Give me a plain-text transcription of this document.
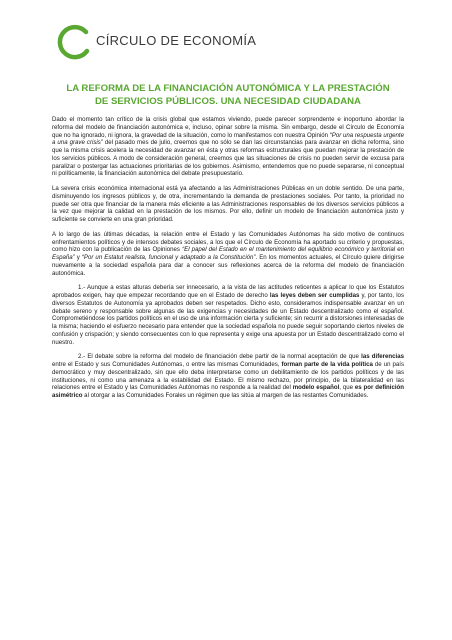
CÍRCULO DE ECONOMÍA
LA REFORMA DE LA FINANCIACIÓN AUTONÓMICA Y LA PRESTACIÓN
DE SERVICIOS PÚBLICOS. UNA NECESIDAD CIUDADANA

Dado el momento tan crítico de la crisis global que estamos viviendo, puede parecer sorprendente e inoportuno abordar la reforma del modelo de financiación autonómica e, incluso, opinar sobre la misma. Sin embargo, desde el Círculo de Economía que no ha ignorado, ni ignora, la gravedad de la situación, como lo manifestamos con nuestra Opinión “Por una respuesta urgente a una grave crisis” del pasado mes de julio, creemos que no sólo se dan las circunstancias para avanzar en dicha reforma, sino que la misma crisis acelera la necesidad de avanzar en ésta y otras reformas estructurales que puedan mejorar la prestación de los servicios públicos. A modo de consideración general, creemos que las situaciones de crisis no pueden servir de excusa para paralizar o postergar las actuaciones prioritarias de los gobiernos. Asimismo, entendemos que no puede separarse, ni conceptual ni políticamente, la financiación autonómica del debate presupuestario.

La severa crisis económica internacional está ya afectando a las Administraciones Públicas en un doble sentido. De una parte, disminuyendo los ingresos públicos y, de otra, incrementando la demanda de prestaciones sociales. Por tanto, la prioridad no puede ser otra que financiar de la manera más eficiente a las Administraciones responsables de los diversos servicios públicos a la vez que mejorar la calidad en la prestación de los mismos. Por ello, definir un modelo de financiación autonómica justo y suficiente se convierte en una gran prioridad.

A lo largo de las últimas décadas, la relación entre el Estado y las Comunidades Autónomas ha sido motivo de continuos enfrentamientos políticos y de intensos debates sociales, a los que el Círculo de Economía ha aportado su criterio y propuestas, como hizo con la publicación de las Opiniones “El papel del Estado en el mantenimiento del equilibrio económico y territorial en España” y “Por un Estatut realista, funcional y adaptado a la Constitución”. En los momentos actuales, el Círculo quiere dirigirse nuevamente a la sociedad española para dar a conocer sus reflexiones acerca de la reforma del modelo de financiación autonómica.

1.- Aunque a estas alturas debería ser innecesario, a la vista de las actitudes reticentes a aplicar lo que los Estatutos aprobados exigen, hay que empezar recordando que en el Estado de derecho las leyes deben ser cumplidas y, por tanto, los diversos Estatutos de Autonomía ya aprobados deben ser respetados. Dicho esto, consideramos indispensable avanzar en un debate sereno y responsable sobre algunas de las exigencias y necesidades de un Estado descentralizado como el español. Comprometiéndose los partidos políticos en el uso de una información cierta y suficiente; sin recurrir a distorsiones interesadas de la misma; haciendo el esfuerzo necesario para entender que la sociedad española no puede seguir soportando ciertos niveles de confusión y crispación; y siendo consecuentes con lo que representa y exige una apuesta por un Estado descentralizado como el nuestro.

2.- El debate sobre la reforma del modelo de financiación debe partir de la normal aceptación de que las diferencias entre el Estado y sus Comunidades Autónomas, o entre las mismas Comunidades, forman parte de la vida política de un país democrático y muy descentralizado, sin que ello deba interpretarse como un debilitamiento de los partidos políticos y de las instituciones, ni como una amenaza a la estabilidad del Estado. El mismo rechazo, por principio, de la bilateralidad en las relaciones entre el Estado y las Comunidades Autónomas no responde a la realidad del modelo español, que es por definición asimétrico al otorgar a las Comunidades Forales un régimen que las sitúa al margen de las restantes Comunidades.
